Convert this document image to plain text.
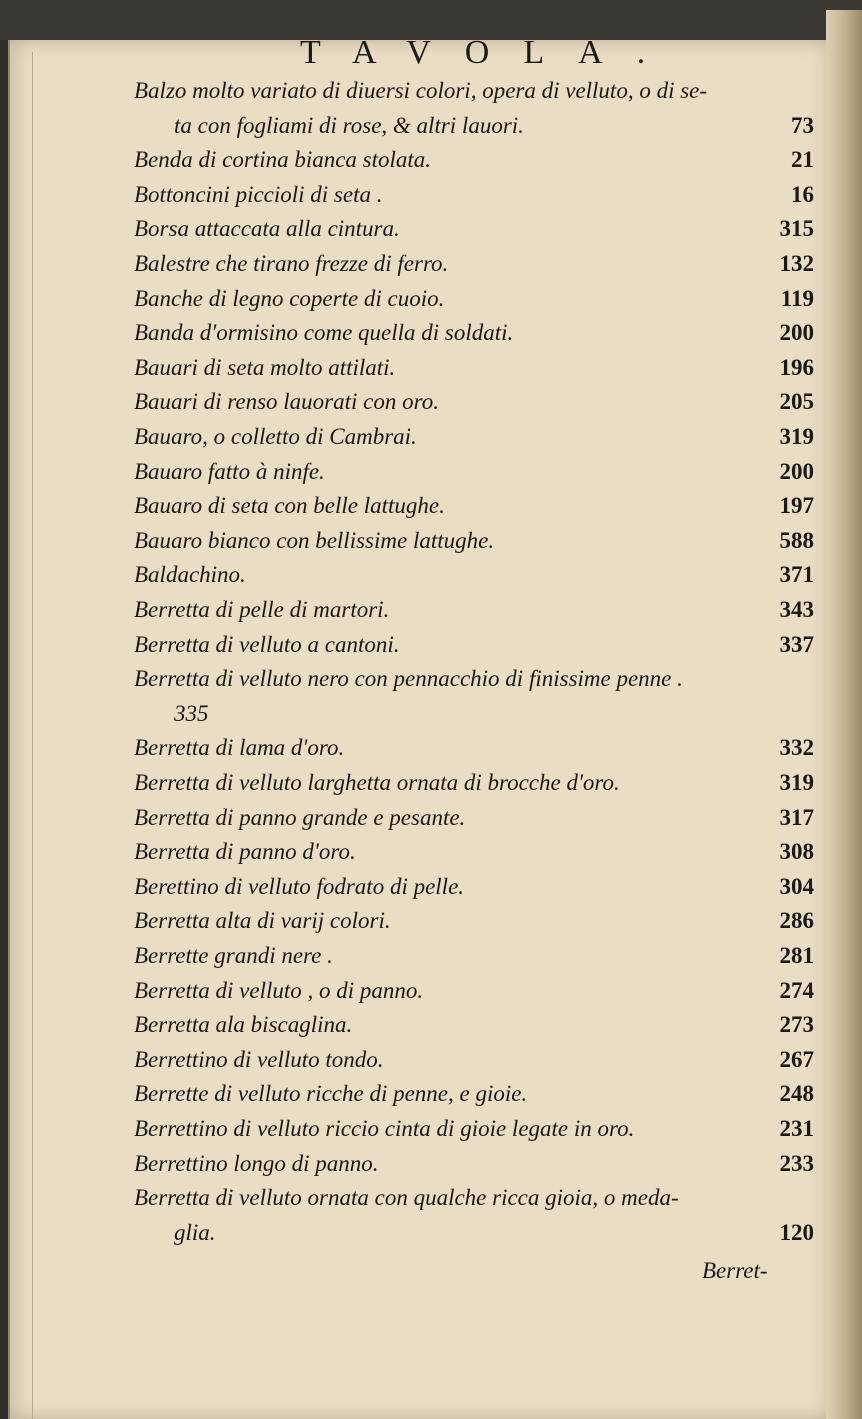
TAVOLA.
Balzo molto variato di diuersi colori, opera di velluto, o di se-
ta con fogliami di rose, & altri lauori.	73
Benda di cortina bianca stolata.	21
Bottoncini piccioli di seta .	16
Borsa attaccata alla cintura.	315
Balestre che tirano frezze di ferro.	132
Banche di legno coperte di cuoio.	119
Banda d'ormisino come quella di soldati.	200
Bauari di seta molto attilati.	196
Bauari di renso lauorati con oro.	205
Bauaro, o colletto di Cambrai.	319
Bauaro fatto à ninfe.	200
Bauaro di seta con belle lattughe.	197
Bauaro bianco con bellissime lattughe.	588
Baldachino.	371
Berretta di pelle di martori.	343
Berretta di velluto a cantoni.	337
Berretta di velluto nero con pennacchio di finissime penne .
335
Berretta di lama d'oro.	332
Berretta di velluto larghetta ornata di brocche d'oro.	319
Berretta di panno grande e pesante.	317
Berretta di panno d'oro.	308
Berettino di velluto fodrato di pelle.	304
Berretta alta di varij colori.	286
Berrette grandi nere .	281
Berretta di velluto , o di panno.	274
Berretta ala biscaglina.	273
Berrettino di velluto tondo.	267
Berrette di velluto ricche di penne, e gioie.	248
Berrettino di velluto riccio cinta di gioie legate in oro.	231
Berrettino longo di panno.	233
Berretta di velluto ornata con qualche ricca gioia, o meda-
glia.	120
Berret-
